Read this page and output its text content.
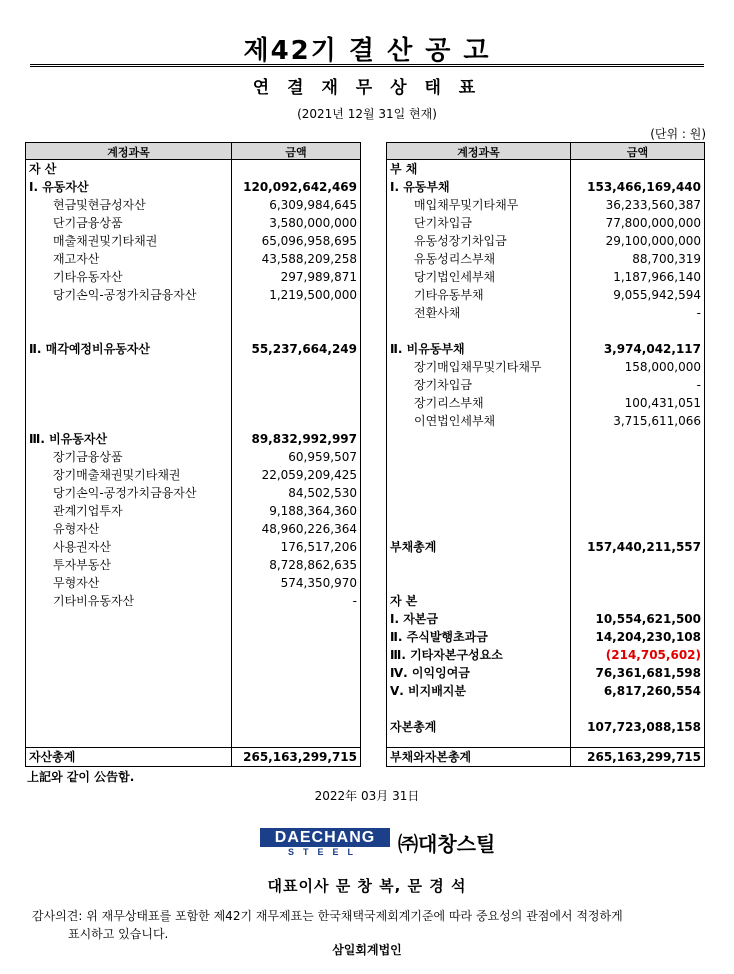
제42기 결 산 공 고
연 결 재 무 상 태 표
(2021년 12월 31일 현재)
(단위 : 원)
계정과목	금액
자 산
Ⅰ. 유동자산	120,092,642,469
현금및현금성자산	6,309,984,645
단기금융상품	3,580,000,000
매출채권및기타채권	65,096,958,695
재고자산	43,588,209,258
기타유동자산	297,989,871
당기손익-공정가치금융자산	1,219,500,000
Ⅱ. 매각예정비유동자산	55,237,664,249
Ⅲ. 비유동자산	89,832,992,997
장기금융상품	60,959,507
장기매출채권및기타채권	22,059,209,425
당기손익-공정가치금융자산	84,502,530
관계기업투자	9,188,364,360
유형자산	48,960,226,364
사용권자산	176,517,206
투자부동산	8,728,862,635
무형자산	574,350,970
기타비유동자산	-
자산총계	265,163,299,715
계정과목	금액
부 채
Ⅰ. 유동부채	153,466,169,440
매입채무및기타채무	36,233,560,387
단기차입금	77,800,000,000
유동성장기차입금	29,100,000,000
유동성리스부채	88,700,319
당기법인세부채	1,187,966,140
기타유동부채	9,055,942,594
전환사채	-
Ⅱ. 비유동부채	3,974,042,117
장기매입채무및기타채무	158,000,000
장기차입금	-
장기리스부채	100,431,051
이연법인세부채	3,715,611,066
부채총계	157,440,211,557
자 본
Ⅰ. 자본금	10,554,621,500
Ⅱ. 주식발행초과금	14,204,230,108
Ⅲ. 기타자본구성요소	(214,705,602)
Ⅳ. 이익잉여금	76,361,681,598
Ⅴ. 비지배지분	6,817,260,554
자본총계	107,723,088,158
부채와자본총계	265,163,299,715
上記와 같이 公告함.
2022年 03月 31日
DAECHANG
STEEL	㈜대창스틸
대표이사 문 창 복, 문 경 석
감사의견: 위 재무상태표를 포함한 제42기 재무제표는 한국채택국제회계기준에 따라 중요성의 관점에서 적정하게
표시하고 있습니다.
삼일회계법인
